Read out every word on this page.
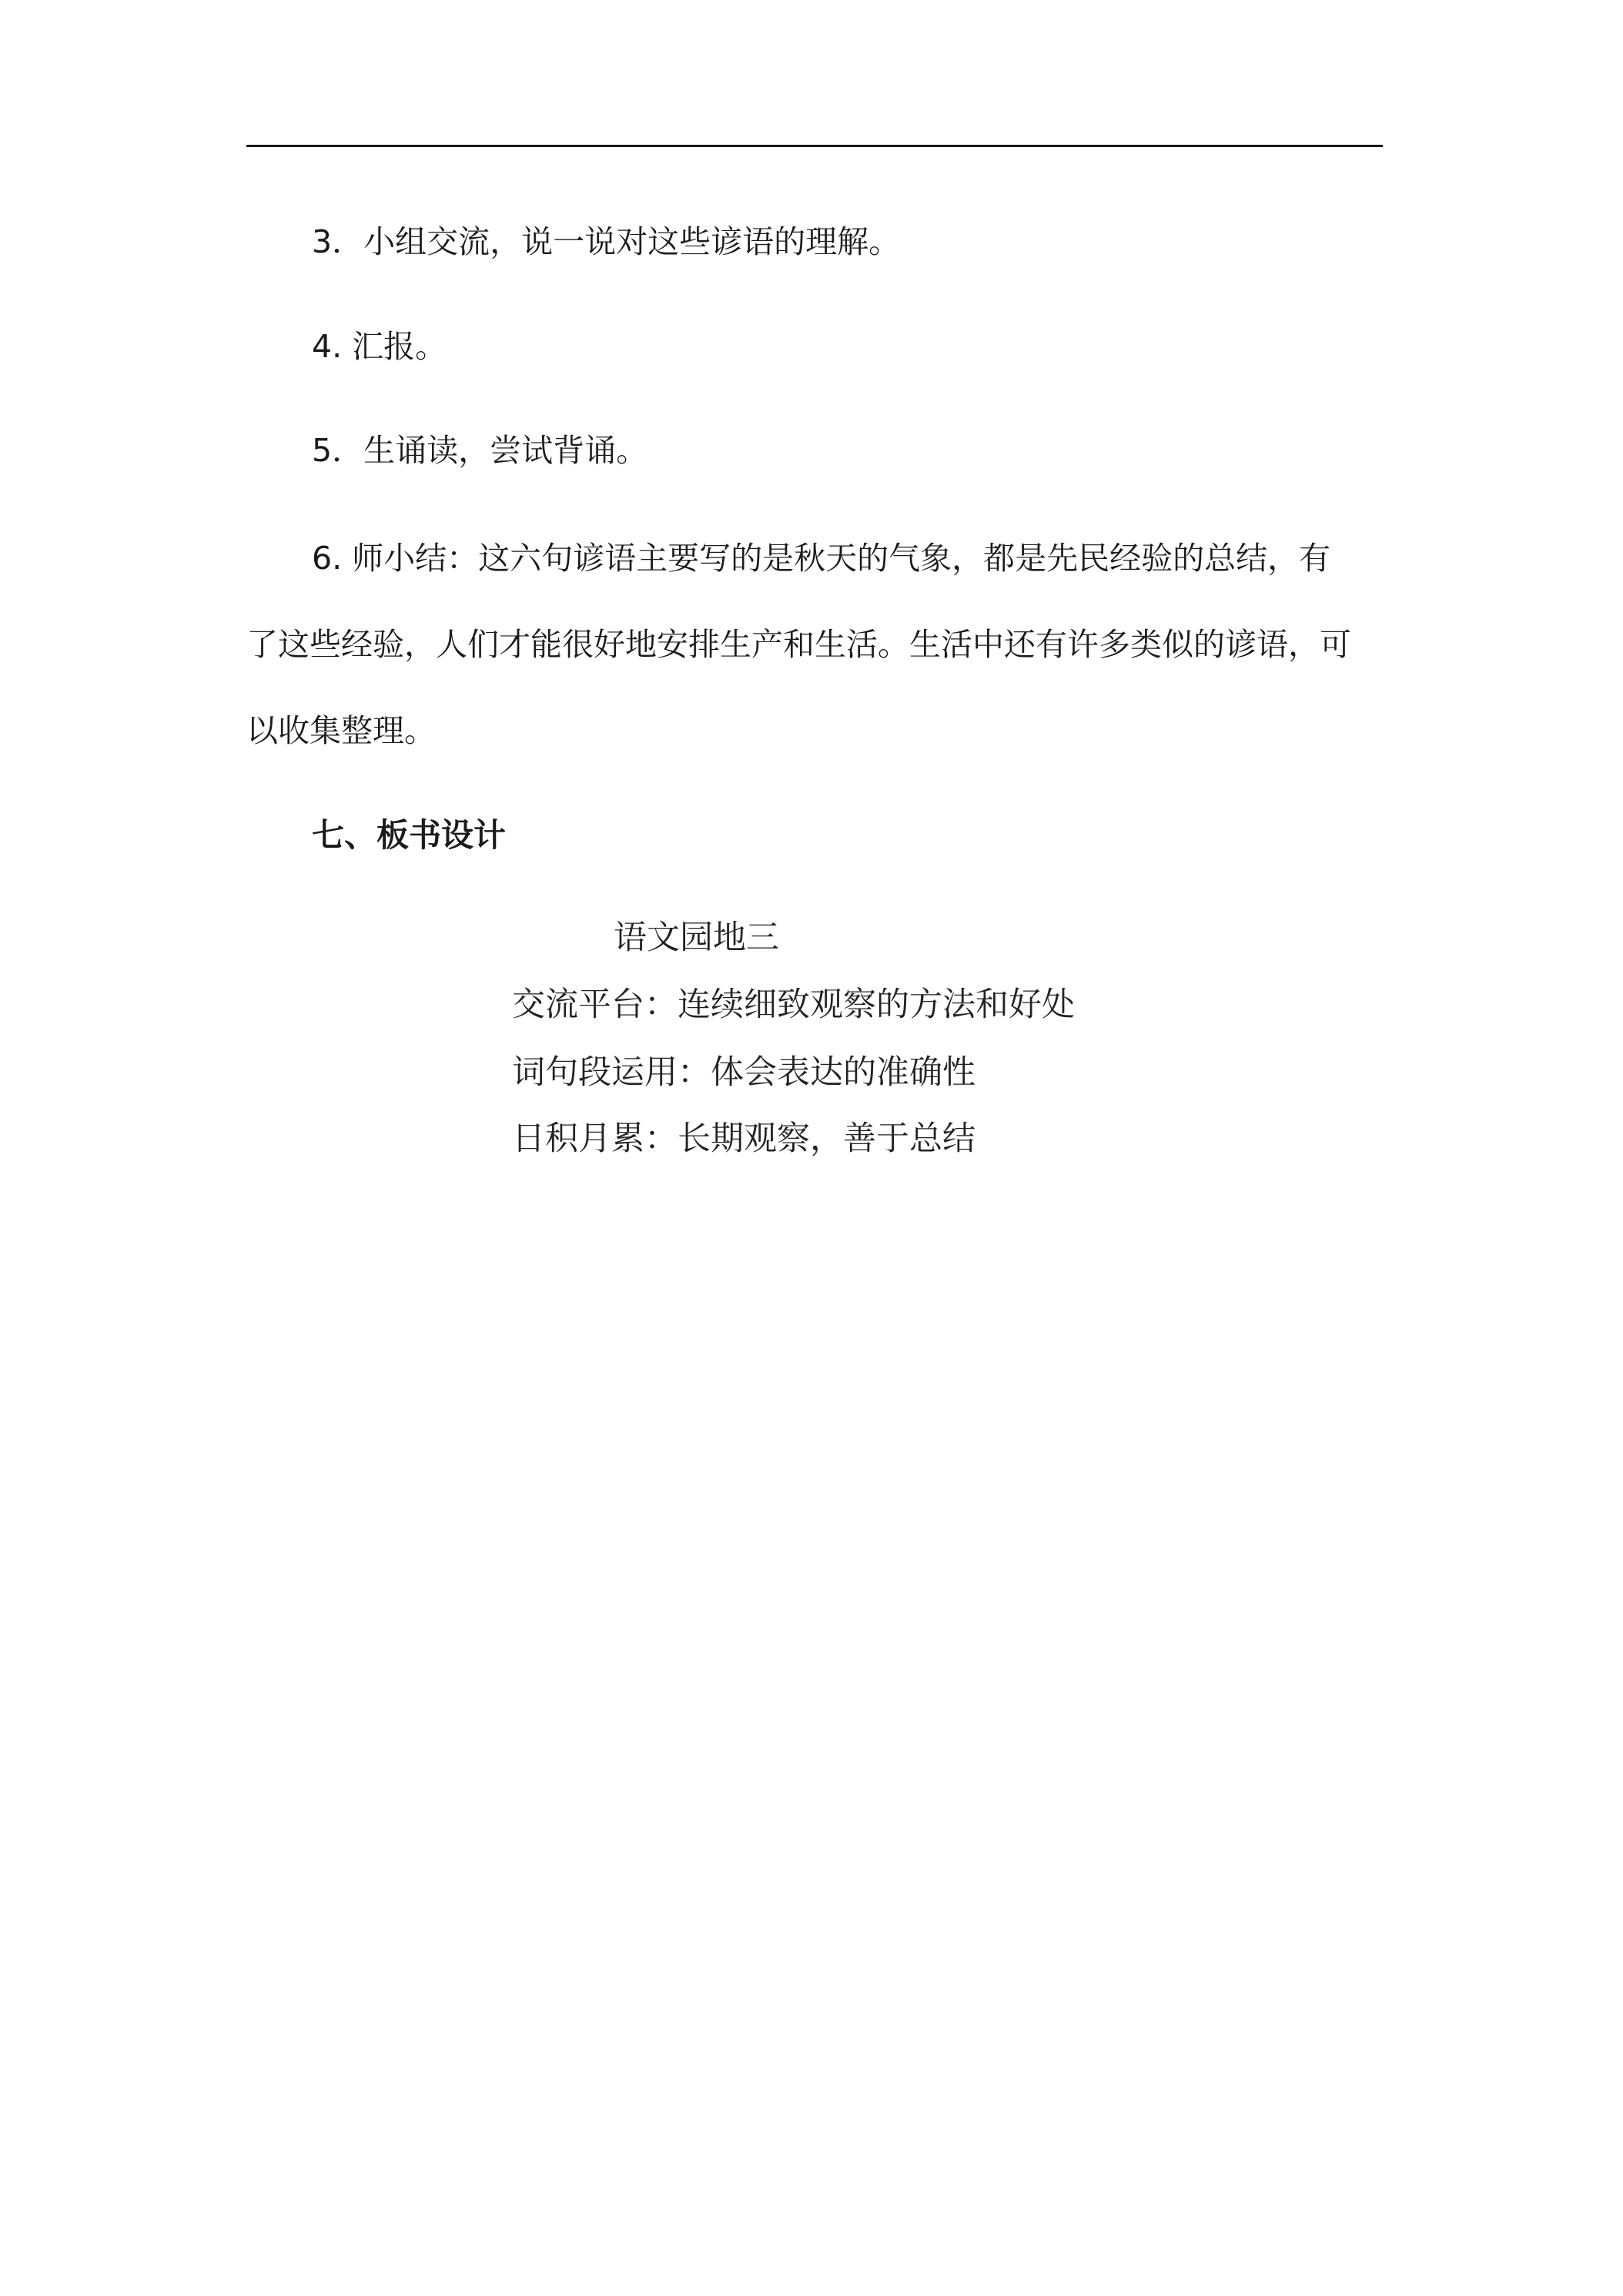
3．小组交流，说一说对这些谚语的理解。
4. 汇报。
5．生诵读，尝试背诵。
6. 师小结：这六句谚语主要写的是秋天的气象，都是先民经验的总结，有
了这些经验，人们才能很好地安排生产和生活。生活中还有许多类似的谚语，可
以收集整理。
七、板书设计
语文园地三
交流平台：连续细致观察的方法和好处
词句段运用：体会表达的准确性
日积月累：长期观察，善于总结
